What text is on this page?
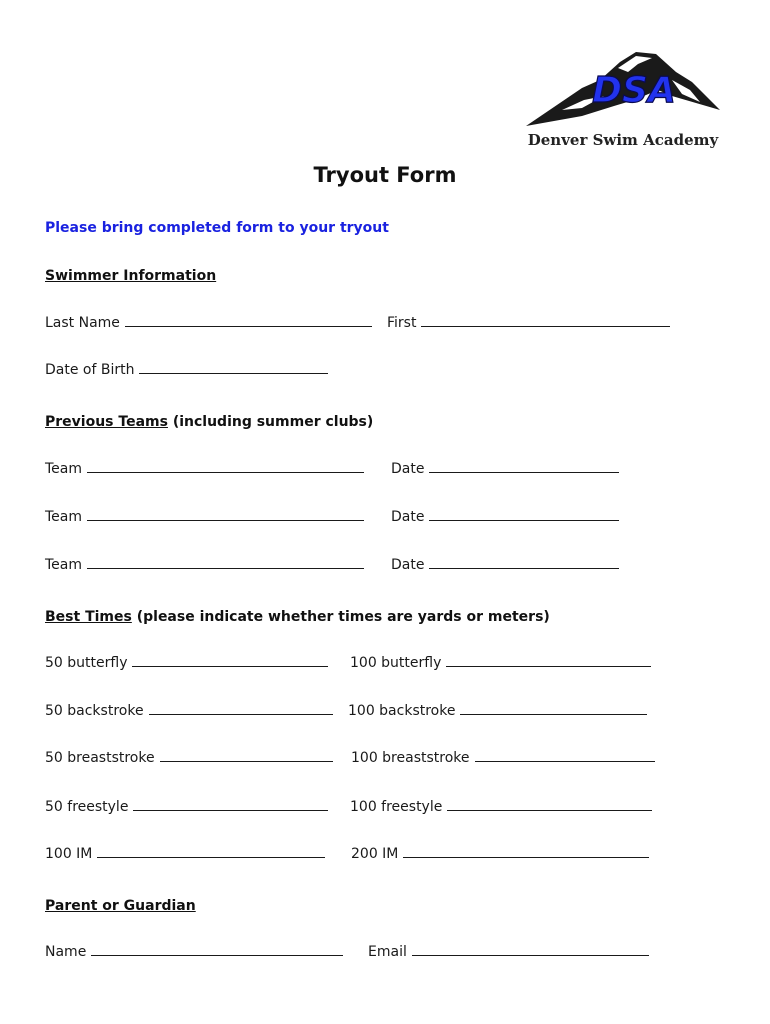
DSA
Denver Swim Academy
Tryout Form
Please bring completed form to your tryout
Swimmer Information
Last Name	First
Date of Birth
Previous Teams (including summer clubs)
Team	Date
Team	Date
Team	Date
Best Times (please indicate whether times are yards or meters)
50 butterfly	100 butterfly
50 backstroke	100 backstroke
50 breaststroke	100 breaststroke
50 freestyle	100 freestyle
100 IM	200 IM
Parent or Guardian
Name	Email
